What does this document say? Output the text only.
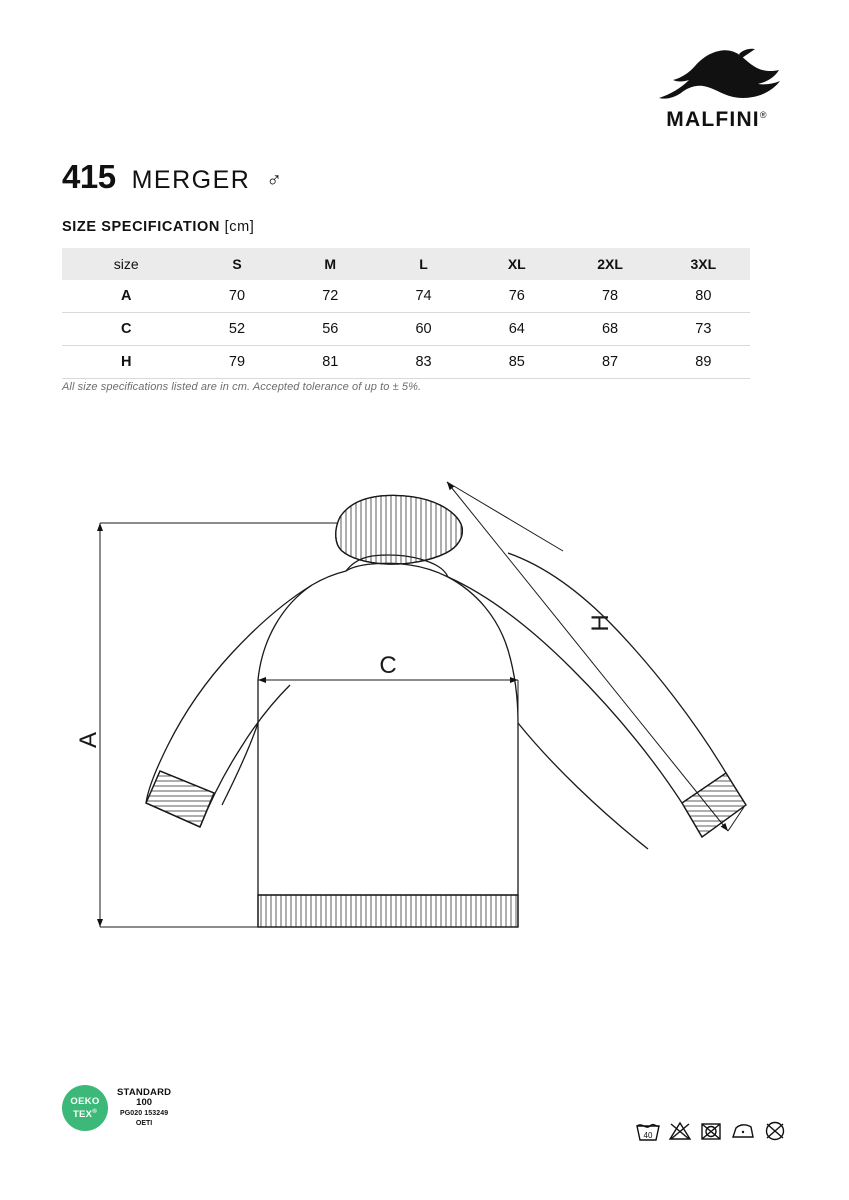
MALFINI®
415 MERGER ♂
SIZE SPECIFICATION [cm]
size	S	M	L	XL	2XL	3XL
A	70	72	74	76	78	80
C	52	56	60	64	68	73
H	79	81	83	85	87	89
All size specifications listed are in cm. Accepted tolerance of up to ± 5%.
A
C
H
OEKO
TEX®
STANDARD
100
PG020 153249
OETI
40
